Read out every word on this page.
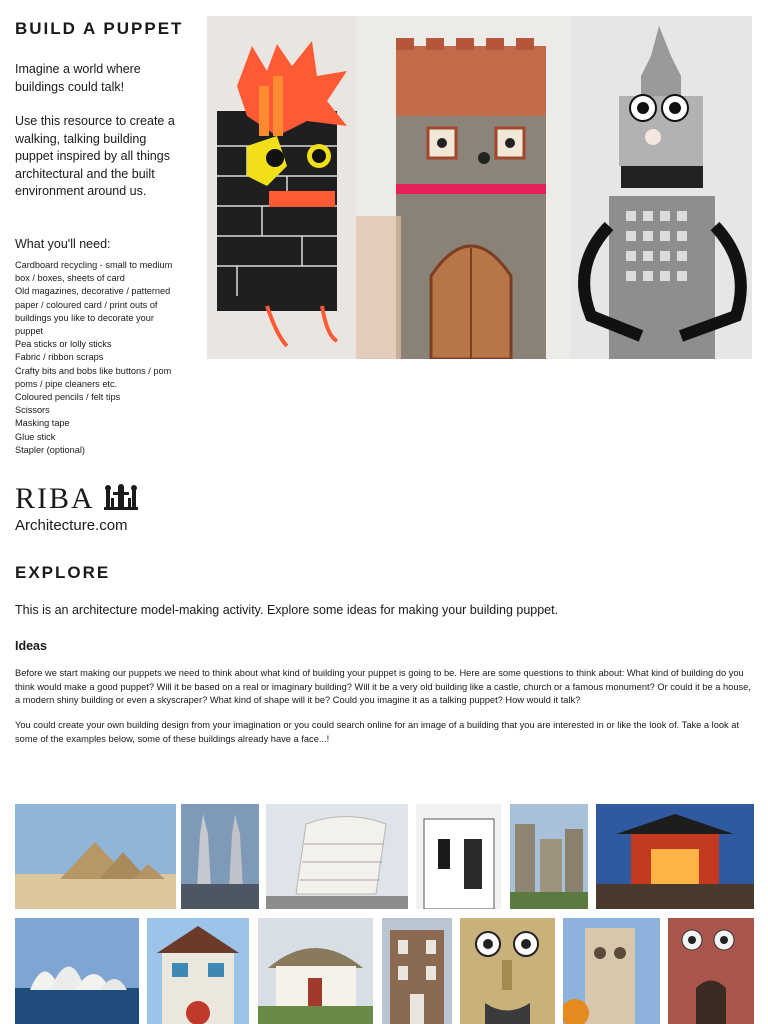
BUILD A PUPPET

Imagine a world where buildings could talk!

Use this resource to create a walking, talking building puppet inspired by all things architectural and the built environment around us.

What you'll need:

Cardboard recycling - small to medium box / boxes, sheets of card
Old magazines, decorative / patterned paper / coloured card / print outs of buildings you like to decorate your puppet
Pea sticks or lolly sticks
Fabric / ribbon scraps
Crafty bits and bobs like buttons / pom poms / pipe cleaners etc.
Coloured pencils / felt tips
Scissors
Masking tape
Glue stick
Stapler (optional)
RIBA
Architecture.com
EXPLORE

This is an architecture model-making activity. Explore some ideas for making your building puppet.

Ideas

Before we start making our puppets we need to think about what kind of building your puppet is going to be. Here are some questions to think about: What kind of building do you think would make a good puppet? Will it be based on a real or imaginary building? Will it be a very old building like a castle, church or a famous monument? Or could it be a house, a modern shiny building or even a skyscraper? What kind of shape will it be? Could you imagine it as a talking puppet? How would it talk?

You could create your own building design from your imagination or you could search online for an image of a building that you are interested in or like the look of. Take a look at some of the examples below, some of these buildings already have a face...!
